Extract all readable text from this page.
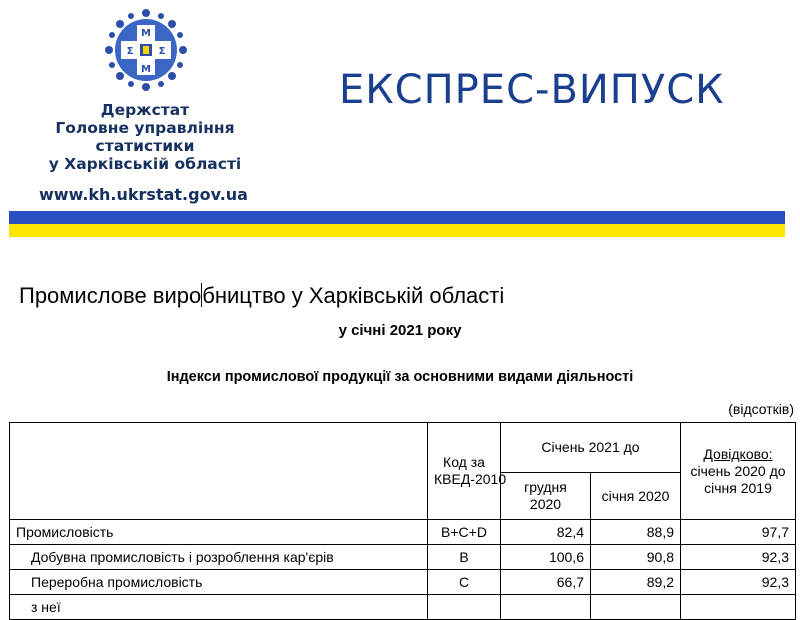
М
Σ	Σ
М
Держстат
Головне управління
статистики
у Харківській області
www.kh.ukrstat.gov.ua
ЕКСПРЕС-ВИПУСК
Промислове виробництво у Харківській області
у січні 2021 року
Індекси промислової продукції за основними видами діяльності
(відсотків)
	Код за КВЕД-2010	Січень 2021 до		Довідково:
січень 2020 до січня 2019
		грудня 2020	січня 2020	
Промисловість	B+C+D	82,4	88,9	97,7
Добувна промисловість і розроблення кар'єрів	B	100,6	90,8	92,3
Переробна промисловість	C	66,7	89,2	92,3
з неї				
